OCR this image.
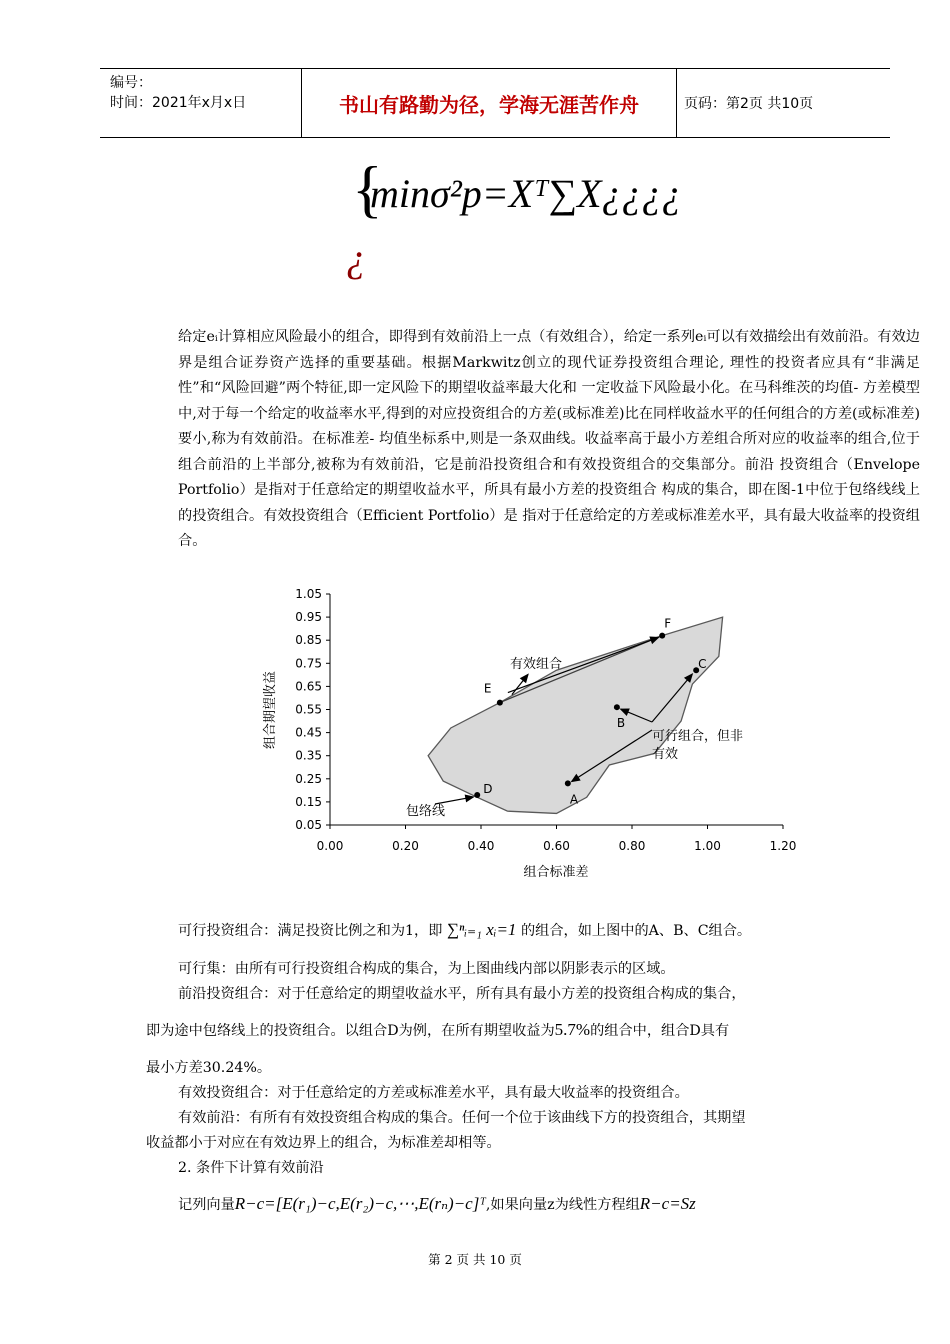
编号：
时间：2021年x月x日	书山有路勤为径，学海无涯苦作舟	页码：第2页 共10页
{
minσ²p=Xᵀ∑X¿¿¿¿
¿
给定eᵢ计算相应风险最小的组合，即得到有效前沿上一点（有效组合），给定一系列eᵢ可以有效描绘出有效前沿。有效边界是组合证券资产选择的重要基础。根据Markwitz创立的现代证券投资组合理论, 理性的投资者应具有“非满足性”和“风险回避”两个特征,即一定风险下的期望收益率最大化和 一定收益下风险最小化。在马科维茨的均值- 方差模型中,对于每一个给定的收益率水平,得到的对应投资组合的方差(或标准差)比在同样收益水平的任何组合的方差(或标准差) 要小,称为有效前沿。在标准差- 均值坐标系中,则是一条双曲线。收益率高于最小方差组合所对应的收益率的组合,位于组合前沿的上半部分,被称为有效前沿，它是前沿投资组合和有效投资组合的交集部分。前沿 投资组合（Envelope Portfolio）是指对于任意给定的期望收益水平，所具有最小方差的投资组合 构成的集合，即在图-1中位于包络线线上的投资组合。有效投资组合（Efficient Portfolio）是 指对于任意给定的方差或标准差水平，具有最大收益率的投资组合。
1.05
0.95
0.85
0.75
0.65
0.55
0.45
0.35
0.25
0.15
0.05
0.00	0.20	0.40	0.60	0.80	1.00	1.20
A
B
C
D
E
F
有效组合
可行组合，但非
有效
包络线
组合标准差
组合期望收益
可行投资组合：满足投资比例之和为1，即 ∑ⁿᵢ₌₁ xᵢ=1 的组合，如上图中的A、B、C组合。
可行集：由所有可行投资组合构成的集合，为上图曲线内部以阴影表示的区域。
前沿投资组合：对于任意给定的期望收益水平，所有具有最小方差的投资组合构成的集合，
即为途中包络线上的投资组合。以组合D为例，在所有期望收益为5.7%的组合中，组合D具有
最小方差30.24%。
有效投资组合：对于任意给定的方差或标准差水平，具有最大收益率的投资组合。
有效前沿：有所有有效投资组合构成的集合。任何一个位于该曲线下方的投资组合，其期望
收益都小于对应在有效边界上的组合，为标准差却相等。
2. 条件下计算有效前沿
记列向量R−c=[E(r₁)−c,E(r₂)−c,⋯,E(rₙ)−c]ᵀ,如果向量z为线性方程组R−c=Sz
第 2 页 共 10 页
